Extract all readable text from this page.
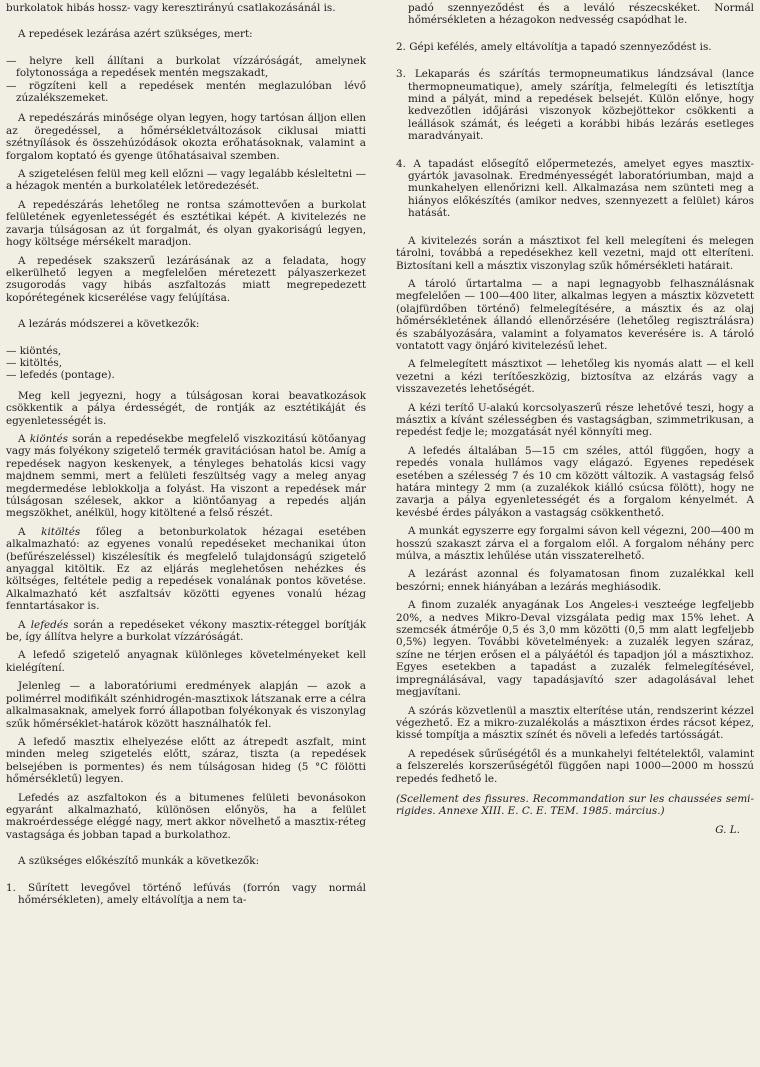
burkolatok hibás hossz- vagy keresztirányú csatlakozásánál is.

A repedések lezárása azért szükséges, mert:

— helyre kell állítani a burkolat vízzáróságát, amelynek folytonossága a repedések mentén megszakadt,

— rögzíteni kell a repedések mentén meglazulóban lévő zúzalékszemeket.

A repedészárás minősége olyan legyen, hogy tartósan álljon ellen az öregedéssel, a hőmérsékletváltozások ciklusai miatti szétnyílások és összehúzódások okozta erőhatásoknak, valamint a forgalom koptató és gyenge ütőhatásaival szemben.

A szigetelésen felül meg kell előzni — vagy legalább késleltetni — a hézagok mentén a burkolatélek letöredezését.

A repedészárás lehetőleg ne rontsa számottevően a burkolat felületének egyenletességét és esztétikai képét. A kivitelezés ne zavarja túlságosan az út forgalmát, és olyan gyakoriságú legyen, hogy költsége mérsékelt maradjon.

A repedések szakszerű lezárásának az a feladata, hogy elkerülhető legyen a megfelelően méretezett pályaszerkezet zsugorodás vagy hibás aszfaltozás miatt megrepedezett kopórétegének kicserélése vagy felújítása.

A lezárás módszerei a következők:

— kiöntés,

— kitöltés,

— lefedés (pontage).

Meg kell jegyezni, hogy a túlságosan korai beavatkozások csökkentik a pálya érdességét, de rontják az esztétikáját és egyenletességét is.

A kiöntés során a repedésekbe megfelelő viszkozitású kötőanyag vagy más folyékony szigetelő termék gravitációsan hatol be. Amíg a repedések nagyon keskenyek, a tényleges behatolás kicsi vagy majdnem semmi, mert a felületi feszültség vagy a meleg anyag megdermedése leblokkolja a folyást. Ha viszont a repedések már túlságosan szélesek, akkor a kiöntőanyag a repedés alján megszökhet, anélkül, hogy kitöltené a felső részét.

A kitöltés főleg a betonburkolatok hézagai esetében alkalmazható: az egyenes vonalú repedéseket mechanikai úton (befűrészeléssel) kiszélesítik és megfelelő tulajdonságú szigetelő anyaggal kitöltik. Ez az eljárás meglehetősen nehézkes és költséges, feltétele pedig a repedések vonalának pontos követése. Alkalmazható két aszfaltsáv közötti egyenes vonalú hézag fenntartásakor is.

A lefedés során a repedéseket vékony masztix-réteggel borítják be, így állítva helyre a burkolat vízzáróságát.

A lefedő szigetelő anyagnak különleges követelményeket kell kielégítení.

Jelenleg — a laboratóriumi eredmények alapján — azok a polimérrel modifikált szénhidrogén-masztixok látszanak erre a célra alkalmasaknak, amelyek forró állapotban folyékonyak és viszonylag szűk hőmérséklet-határok között használhatók fel.

A lefedő masztix elhelyezése előtt az átrepedt aszfalt, mint minden meleg szigetelés előtt, száraz, tiszta (a repedések belsejében is pormentes) és nem túlságosan hideg (5 °C fölötti hőmérsékletű) legyen.

Lefedés az aszfaltokon és a bitumenes felületi bevonásokon egyaránt alkalmazható, különösen előnyös, ha a felület makroérdessége eléggé nagy, mert akkor növelhető a masztix-réteg vastagsága és jobban tapad a burkolathoz.

A szükséges előkészítő munkák a következők:

1. Sűrített levegővel történő lefúvás (forrón vagy normál hőmérsékleten), amely eltávolítja a nem ta-

padó szennyeződést és a leváló részecskéket. Normál hőmérsékleten a hézagokon nedvesség csapódhat le.

2. Gépi kefélés, amely eltávolítja a tapadó szennyeződést is.

3. Lekaparás és szárítás termopneumatikus lándzsával (lance thermopneumatique), amely szárítja, felmelegíti és letisztítja mind a pályát, mind a repedések belsejét. Külön előnye, hogy kedvezőtlen időjárási viszonyok közbejöttekor csökkenti a leállások számát, és leégeti a korábbi hibás lezárás esetleges maradványait.

4. A tapadást elősegítő előpermetezés, amelyet egyes masztix-gyártók javasolnak. Eredményességét laboratóriumban, majd a munkahelyen ellenőrizni kell. Alkalmazása nem szünteti meg a hiányos előkészítés (amikor nedves, szennyezett a felület) káros hatását.

A kivitelezés során a másztixot fel kell melegíteni és melegen tárolni, továbbá a repedésekhez kell vezetni, majd ott elteríteni. Biztosítani kell a másztix viszonylag szűk hőmérsékleti határait.

A tároló űrtartalma — a napi legnagyobb felhasználásnak megfelelően — 100—400 liter, alkalmas legyen a másztix közvetett (olajfürdőben történő) felmelegítésére, a másztix és az olaj hőmérsékletének állandó ellenőrzésére (lehetőleg regisztrálásra) és szabályozására, valamint a folyamatos keverésére is. A tároló vontatott vagy önjáró kivitelezésű lehet.

A felmelegített másztixot — lehetőleg kis nyomás alatt — el kell vezetni a kézi terítőeszközig, biztosítva az elzárás vagy a visszavezetés lehetőségét.

A kézi terítő U-alakú korcsolyaszerű része lehetővé teszi, hogy a másztix a kívánt szélességben és vastagságban, szimmetrikusan, a repedést fedje le; mozgatását nyél könnyíti meg.

A lefedés általában 5—15 cm széles, attól függően, hogy a repedés vonala hullámos vagy elágazó. Egyenes repedések esetében a szélesség 7 és 10 cm között változik. A vastagság felső határa mintegy 2 mm (a zuzalékok kiálló csúcsa fölött), hogy ne zavarja a pálya egyenletességét és a forgalom kényelmét. A kevésbé érdes pályákon a vastagság csökkenthető.

A munkát egyszerre egy forgalmi sávon kell végezni, 200—400 m hosszú szakaszt zárva el a forgalom elől. A forgalom néhány perc múlva, a másztix lehűlése után visszaterelhető.

A lezárást azonnal és folyamatosan finom zuzalékkal kell beszórni; ennek hiányában a lezárás meghiásodik.

A finom zuzalék anyagának Los Angeles-i veszteége legfeljebb 20%, a nedves Mikro-Deval vizsgálata pedig max 15% lehet. A szemcsék átmérője 0,5 és 3,0 mm közötti (0,5 mm alatt legfeljebb 0,5%) legyen. További követelmények: a zuzalék legyen száraz, színe ne térjen erősen el a pályáétól és tapadjon jól a másztixhoz. Egyes esetekben a tapadást a zuzalék felmelegítésével, impregnálásával, vagy tapadásjavító szer adagolásával lehet megjavítani.

A szórás közvetlenül a masztix elterítése után, rendszerint kézzel végezhető. Ez a mikro-zuzalékolás a másztixon érdes rácsot képez, kissé tompítja a másztix színét és növeli a lefedés tartósságát.

A repedések sűrűségétől és a munkahelyi feltételektől, valamint a felszerelés korszerűségétől függően napi 1000—2000 m hosszú repedés fedhető le.

(Scellement des fissures. Recommandation sur les chaussées semi-rigides. Annexe XIII. E. C. E. TEM. 1985. március.)

G. L.
